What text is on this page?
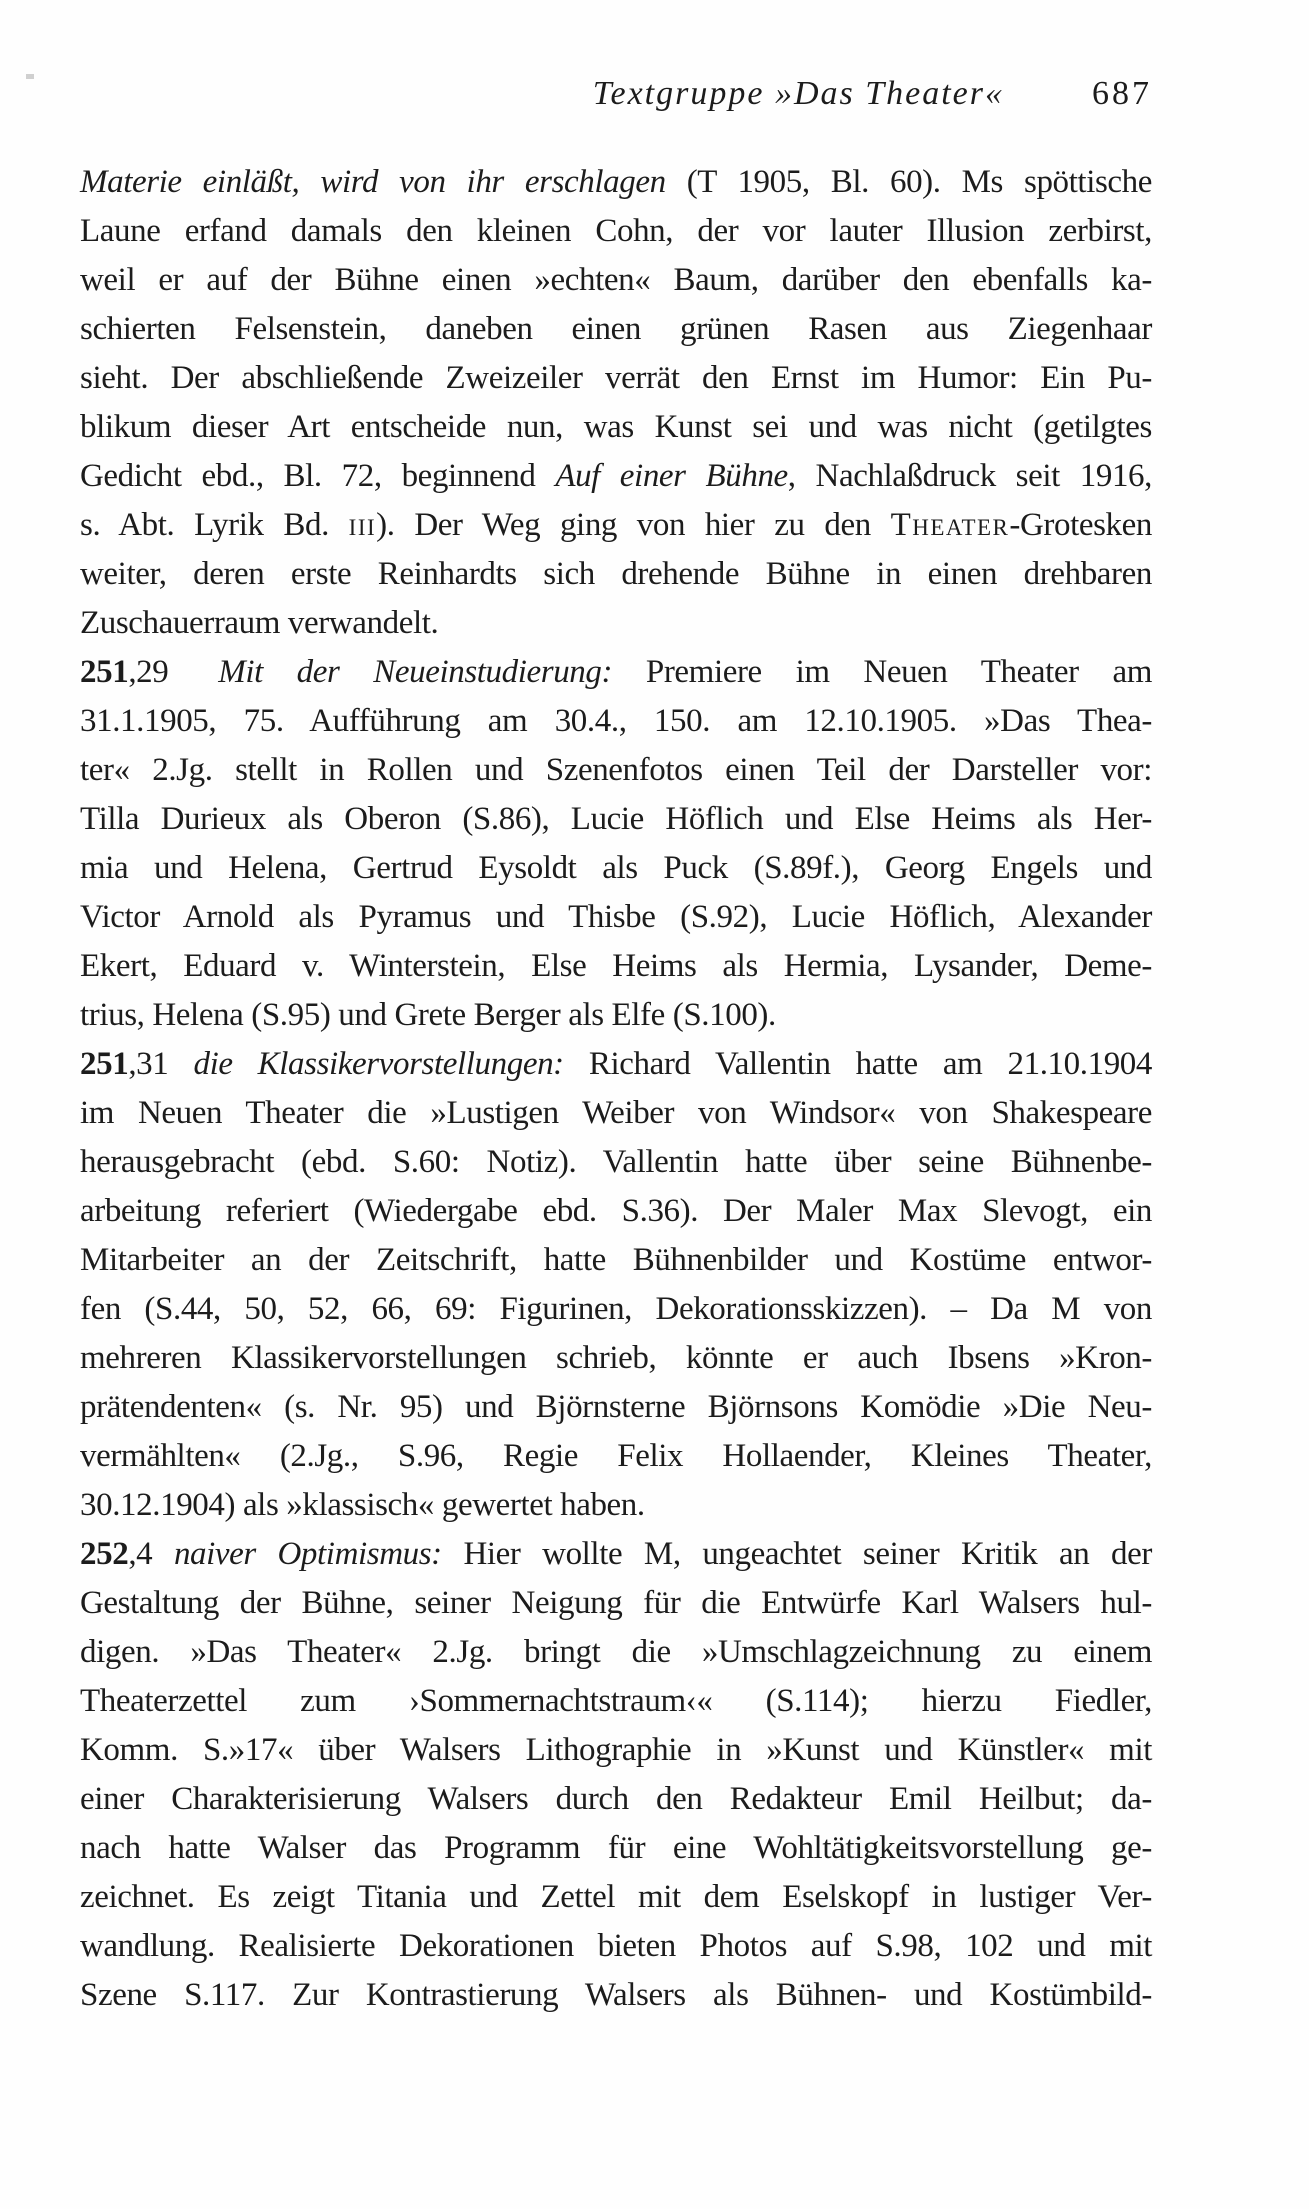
Textgruppe »Das Theater«	687
Materie einläßt, wird von ihr erschlagen (T 1905, Bl. 60). Ms spöttische
Laune erfand damals den kleinen Cohn, der vor lauter Illusion zerbirst,
weil er auf der Bühne einen »echten« Baum, darüber den ebenfalls ka-
schierten Felsenstein, daneben einen grünen Rasen aus Ziegenhaar
sieht. Der abschließende Zweizeiler verrät den Ernst im Humor: Ein Pu-
blikum dieser Art entscheide nun, was Kunst sei und was nicht (getilgtes
Gedicht ebd., Bl. 72, beginnend Auf einer Bühne, Nachlaßdruck seit 1916,
s. Abt. Lyrik Bd. iii). Der Weg ging von hier zu den Theater-Grotesken
weiter, deren erste Reinhardts sich drehende Bühne in einen drehbaren
Zuschauerraum verwandelt.
251,29  Mit der Neueinstudierung: Premiere im Neuen Theater am
31.1.1905, 75. Aufführung am 30.4., 150. am 12.10.1905. »Das Thea-
ter« 2.Jg. stellt in Rollen und Szenenfotos einen Teil der Darsteller vor:
Tilla Durieux als Oberon (S.86), Lucie Höflich und Else Heims als Her-
mia und Helena, Gertrud Eysoldt als Puck (S.89f.), Georg Engels und
Victor Arnold als Pyramus und Thisbe (S.92), Lucie Höflich, Alexander
Ekert, Eduard v. Winterstein, Else Heims als Hermia, Lysander, Deme-
trius, Helena (S.95) und Grete Berger als Elfe (S.100).
251,31 die Klassikervorstellungen: Richard Vallentin hatte am 21.10.1904
im Neuen Theater die »Lustigen Weiber von Windsor« von Shakespeare
herausgebracht (ebd. S.60: Notiz). Vallentin hatte über seine Bühnenbe-
arbeitung referiert (Wiedergabe ebd. S.36). Der Maler Max Slevogt, ein
Mitarbeiter an der Zeitschrift, hatte Bühnenbilder und Kostüme entwor-
fen (S.44, 50, 52, 66, 69: Figurinen, Dekorationsskizzen). – Da M von
mehreren Klassikervorstellungen schrieb, könnte er auch Ibsens »Kron-
prätendenten« (s. Nr. 95) und Björnsterne Björnsons Komödie »Die Neu-
vermählten« (2.Jg., S.96, Regie Felix Hollaender, Kleines Theater,
30.12.1904) als »klassisch« gewertet haben.
252,4 naiver Optimismus: Hier wollte M, ungeachtet seiner Kritik an der
Gestaltung der Bühne, seiner Neigung für die Entwürfe Karl Walsers hul-
digen. »Das Theater« 2.Jg. bringt die »Umschlagzeichnung zu einem
Theaterzettel zum ›Sommernachtstraum‹« (S.114); hierzu Fiedler,
Komm. S.»17« über Walsers Lithographie in »Kunst und Künstler« mit
einer Charakterisierung Walsers durch den Redakteur Emil Heilbut; da-
nach hatte Walser das Programm für eine Wohltätigkeitsvorstellung ge-
zeichnet. Es zeigt Titania und Zettel mit dem Eselskopf in lustiger Ver-
wandlung. Realisierte Dekorationen bieten Photos auf S.98, 102 und mit
Szene S.117. Zur Kontrastierung Walsers als Bühnen- und Kostümbild-
